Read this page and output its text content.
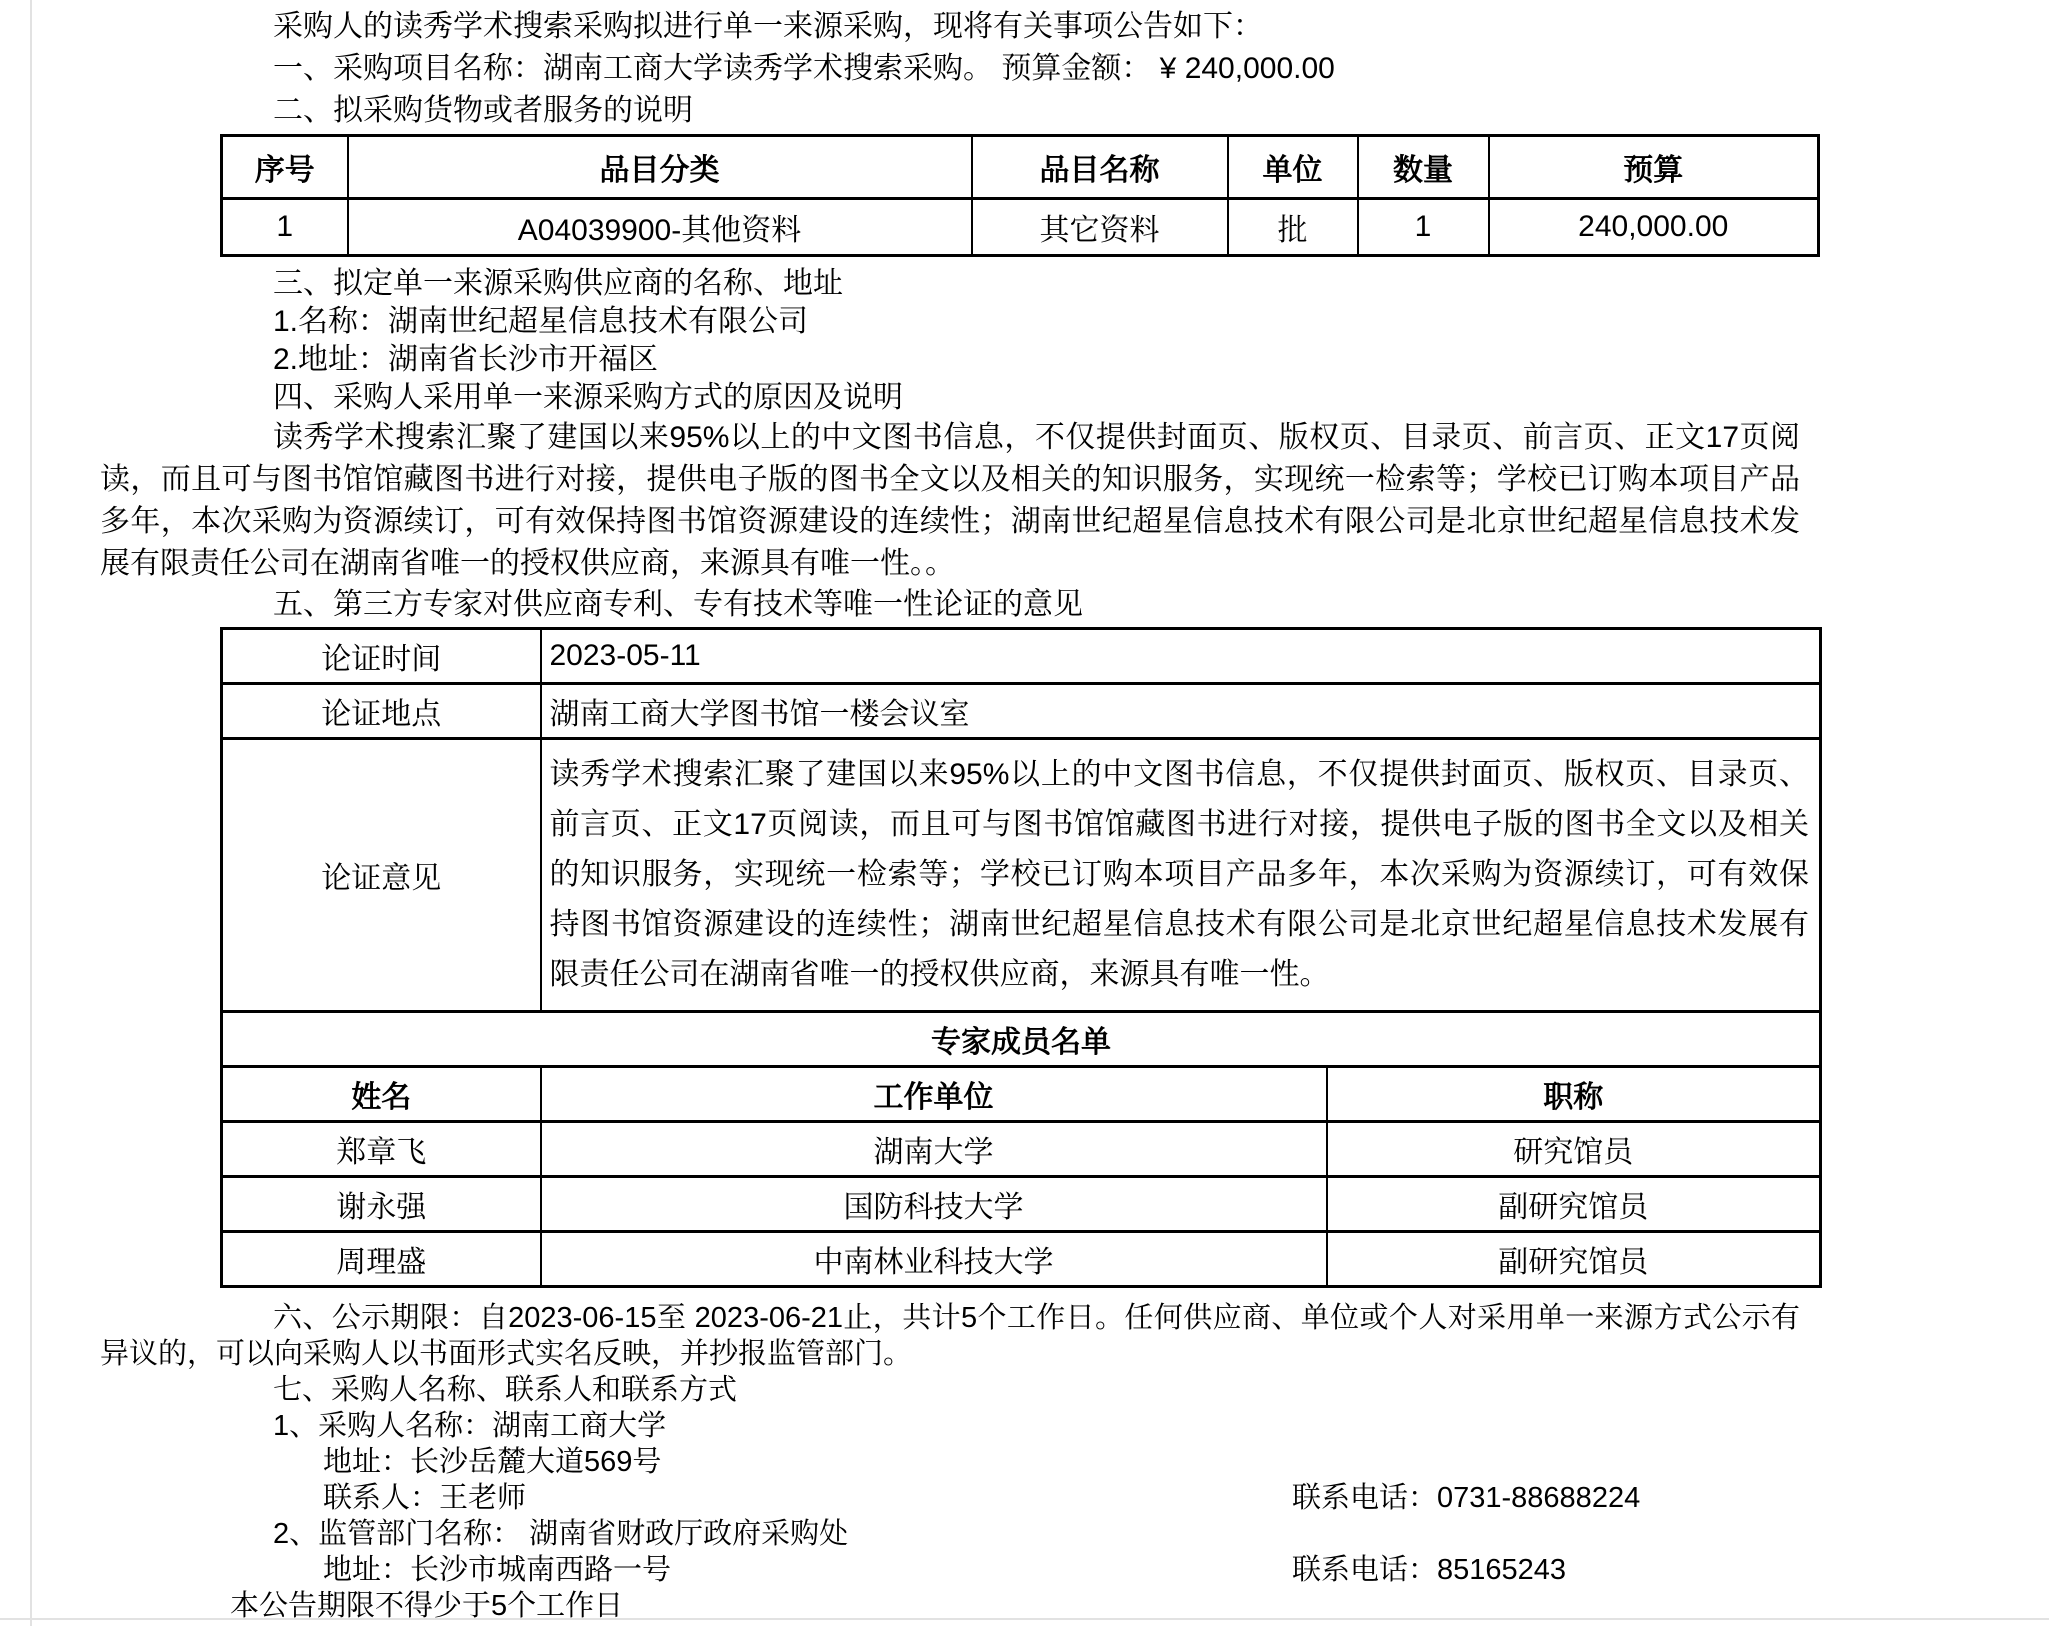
采购人的读秀学术搜索采购拟进行单一来源采购，现将有关事项公告如下：

一、采购项目名称：湖南工商大学读秀学术搜索采购。 预算金额： ¥ 240,000.00

二、拟采购货物或者服务的说明

序号	品目分类	品目名称	单位	数量	预算
1	A04039900-其他资料	其它资料	批	1	240,000.00

三、拟定单一来源采购供应商的名称、地址

1.名称：湖南世纪超星信息技术有限公司

2.地址：湖南省长沙市开福区

四、采购人采用单一来源采购方式的原因及说明

读秀学术搜索汇聚了建国以来95%以上的中文图书信息，不仅提供封面页、版权页、目录页、前言页、正文17页阅读，而且可与图书馆馆藏图书进行对接，提供电子版的图书全文以及相关的知识服务，实现统一检索等；学校已订购本项目产品多年，本次采购为资源续订，可有效保持图书馆资源建设的连续性；湖南世纪超星信息技术有限公司是北京世纪超星信息技术发展有限责任公司在湖南省唯一的授权供应商，来源具有唯一性。。

五、第三方专家对供应商专利、专有技术等唯一性论证的意见

论证时间	2023-05-11	
论证地点	湖南工商大学图书馆一楼会议室	
论证意见	读秀学术搜索汇聚了建国以来95%以上的中文图书信息，不仅提供封面页、版权页、目录页、前言页、正文17页阅读，而且可与图书馆馆藏图书进行对接，提供电子版的图书全文以及相关的知识服务，实现统一检索等；学校已订购本项目产品多年，本次采购为资源续订，可有效保持图书馆资源建设的连续性；湖南世纪超星信息技术有限公司是北京世纪超星信息技术发展有限责任公司在湖南省唯一的授权供应商，来源具有唯一性。	
专家成员名单		
姓名	工作单位	职称
郑章飞	湖南大学	研究馆员
谢永强	国防科技大学	副研究馆员
周理盛	中南林业科技大学	副研究馆员

六、公示期限：自2023-06-15至 2023-06-21止，共计5个工作日。任何供应商、单位或个人对采用单一来源方式公示有异议的，可以向采购人以书面形式实名反映，并抄报监管部门。

七、采购人名称、联系人和联系方式

1、采购人名称：湖南工商大学

地址：长沙岳麓大道569号

联系人：王老师	联系电话：0731-88688224

2、监管部门名称： 湖南省财政厅政府采购处

地址：长沙市城南西路一号	联系电话：85165243

本公告期限不得少于5个工作日
